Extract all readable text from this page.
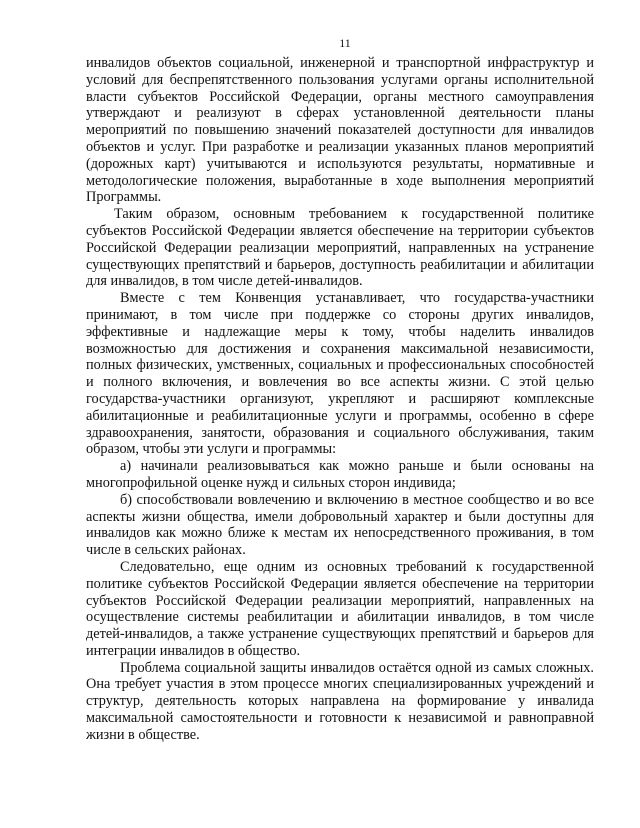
11

инвалидов объектов социальной, инженерной и транспортной инфраструктур и условий для беспрепятственного пользования услугами органы исполнительной власти субъектов Российской Федерации, органы местного самоуправления утверждают и реализуют в сферах установленной деятельности планы мероприятий по повышению значений показателей доступности для инвалидов объектов и услуг. При разработке и реализации указанных планов мероприятий (дорожных карт) учитываются и используются результаты, нормативные и методологические положения, выработанные в ходе выполнения мероприятий Программы.

Таким образом, основным требованием к государственной политике субъектов Российской Федерации является обеспечение на территории субъектов Российской Федерации реализации мероприятий, направленных на устранение существующих препятствий и барьеров, доступность реабилитации и абилитации для инвалидов, в том числе детей-инвалидов.

Вместе с тем Конвенция устанавливает, что государства-участники принимают, в том числе при поддержке со стороны других инвалидов, эффективные и надлежащие меры к тому, чтобы наделить инвалидов возможностью для достижения и сохранения максимальной независимости, полных физических, умственных, социальных и профессиональных способностей и полного включения, и вовлечения во все аспекты жизни. С этой целью государства-участники организуют, укрепляют и расширяют комплексные абилитационные и реабилитационные услуги и программы, особенно в сфере здравоохранения, занятости, образования и социального обслуживания, таким образом, чтобы эти услуги и программы:

а) начинали реализовываться как можно раньше и были основаны на многопрофильной оценке нужд и сильных сторон индивида;

б) способствовали вовлечению и включению в местное сообщество и во все аспекты жизни общества, имели добровольный характер и были доступны для инвалидов как можно ближе к местам их непосредственного проживания, в том числе в сельских районах.

Следовательно, еще одним из основных требований к государственной политике субъектов Российской Федерации является обеспечение на территории субъектов Российской Федерации реализации мероприятий, направленных на осуществление системы реабилитации и абилитации инвалидов, в том числе детей-инвалидов, а также устранение существующих препятствий и барьеров для интеграции инвалидов в общество.

Проблема социальной защиты инвалидов остаётся одной из самых сложных. Она требует участия в этом процессе многих специализированных учреждений и структур, деятельность которых направлена на формирование у инвалида максимальной самостоятельности и готовности к независимой и равноправной жизни в обществе.
